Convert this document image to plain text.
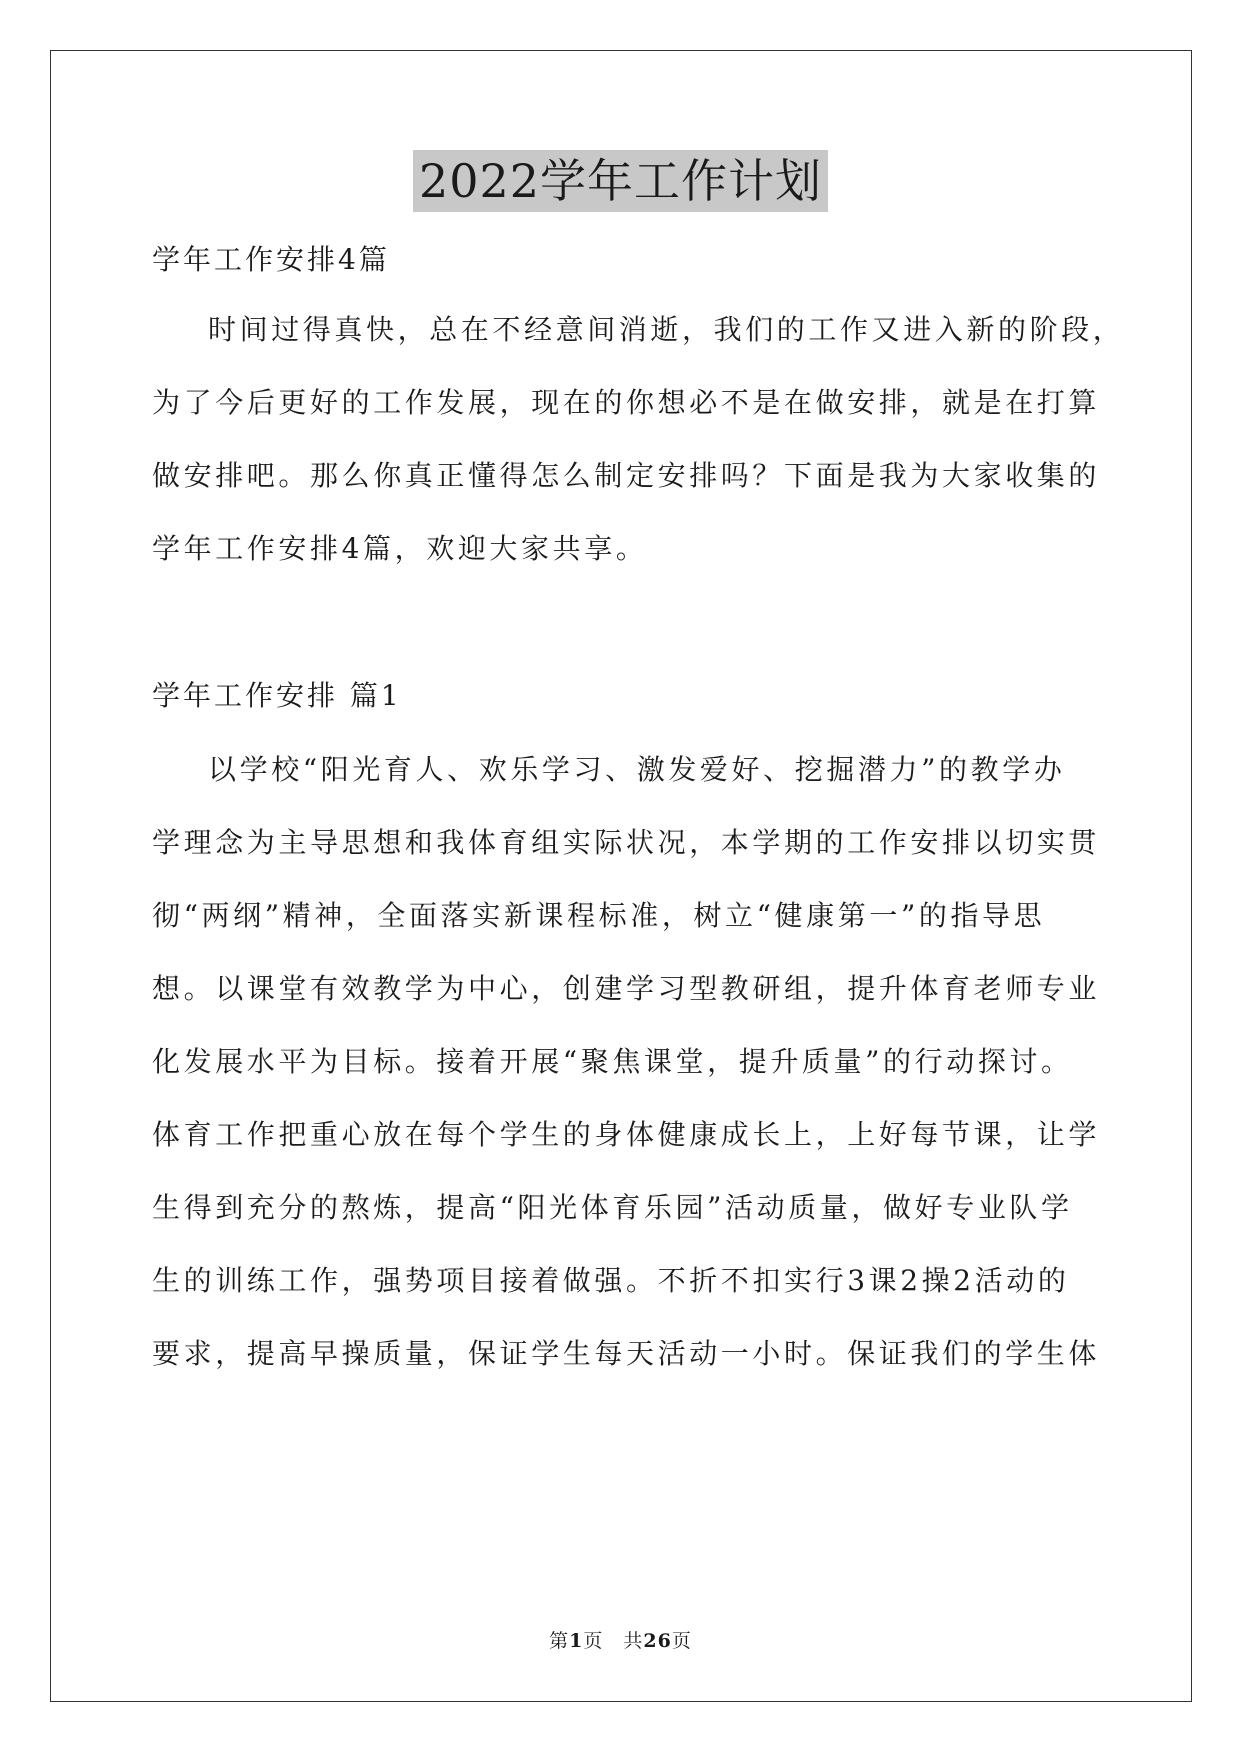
2022学年工作计划
学年工作安排4篇
时间过得真快，总在不经意间消逝，我们的工作又进入新的阶段，
为了今后更好的工作发展，现在的你想必不是在做安排，就是在打算
做安排吧。那么你真正懂得怎么制定安排吗？下面是我为大家收集的
学年工作安排4篇，欢迎大家共享。
学年工作安排 篇1
以学校“阳光育人、欢乐学习、激发爱好、挖掘潜力”的教学办
学理念为主导思想和我体育组实际状况，本学期的工作安排以切实贯
彻“两纲”精神，全面落实新课程标准，树立“健康第一”的指导思
想。以课堂有效教学为中心，创建学习型教研组，提升体育老师专业
化发展水平为目标。接着开展“聚焦课堂，提升质量”的行动探讨。
体育工作把重心放在每个学生的身体健康成长上，上好每节课，让学
生得到充分的熬炼，提高“阳光体育乐园”活动质量，做好专业队学
生的训练工作，强势项目接着做强。不折不扣实行3课2操2活动的
要求，提高早操质量，保证学生每天活动一小时。保证我们的学生体
第1页　共26页
